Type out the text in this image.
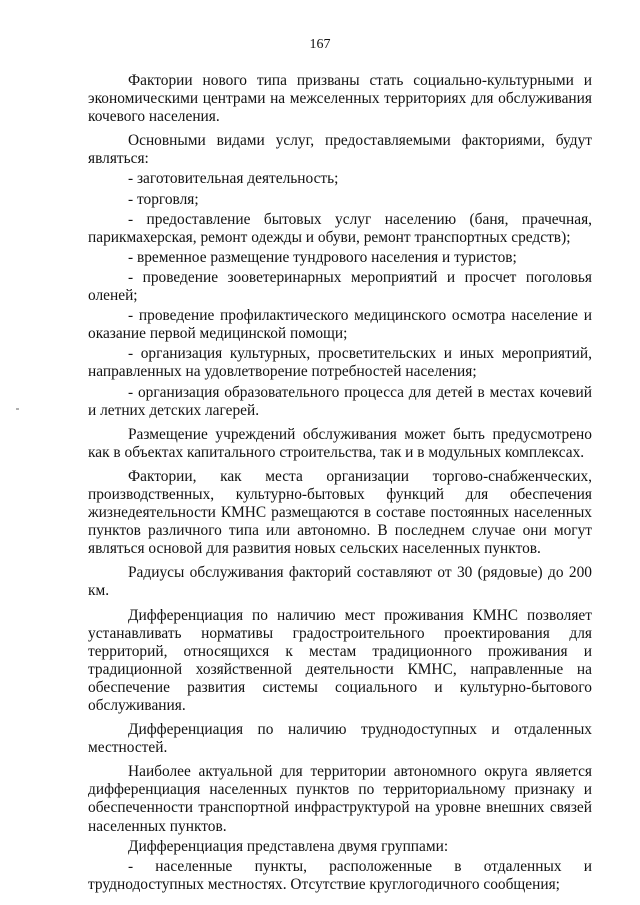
167

Фактории нового типа призваны стать социально-культурными и экономическими центрами на межселенных территориях для обслуживания кочевого населения.

Основными видами услуг, предоставляемыми факториями, будут являться:

- заготовительная деятельность;

- торговля;

- предоставление бытовых услуг населению (баня, прачечная, парикмахерская, ремонт одежды и обуви, ремонт транспортных средств);

- временное размещение тундрового населения и туристов;

- проведение зооветеринарных мероприятий и просчет поголовья оленей;

- проведение профилактического медицинского осмотра население и оказание первой медицинской помощи;

- организация культурных, просветительских и иных мероприятий, направленных на удовлетворение потребностей населения;

- организация образовательного процесса для детей в местах кочевий и летних детских лагерей.

Размещение учреждений обслуживания может быть предусмотрено как в объектах капитального строительства, так и в модульных комплексах.

Фактории, как места организации торгово-снабженческих, производственных, культурно-бытовых функций для обеспечения жизнедеятельности КМНС размещаются в составе постоянных населенных пунктов различного типа или автономно. В последнем случае они могут являться основой для развития новых сельских населенных пунктов.

Радиусы обслуживания факторий составляют от 30 (рядовые) до 200 км.

Дифференциация по наличию мест проживания КМНС позволяет устанавливать нормативы градостроительного проектирования для территорий, относящихся к местам традиционного проживания и традиционной хозяйственной деятельности КМНС, направленные на обеспечение развития системы социального и культурно-бытового обслуживания.

Дифференциация по наличию труднодоступных и отдаленных местностей.

Наиболее актуальной для территории автономного округа является дифференциация населенных пунктов по территориальному признаку и обеспеченности транспортной инфраструктурой на уровне внешних связей населенных пунктов.

Дифференциация представлена двумя группами:

- населенные пункты, расположенные в отдаленных и труднодоступных местностях. Отсутствие круглогодичного сообщения;
